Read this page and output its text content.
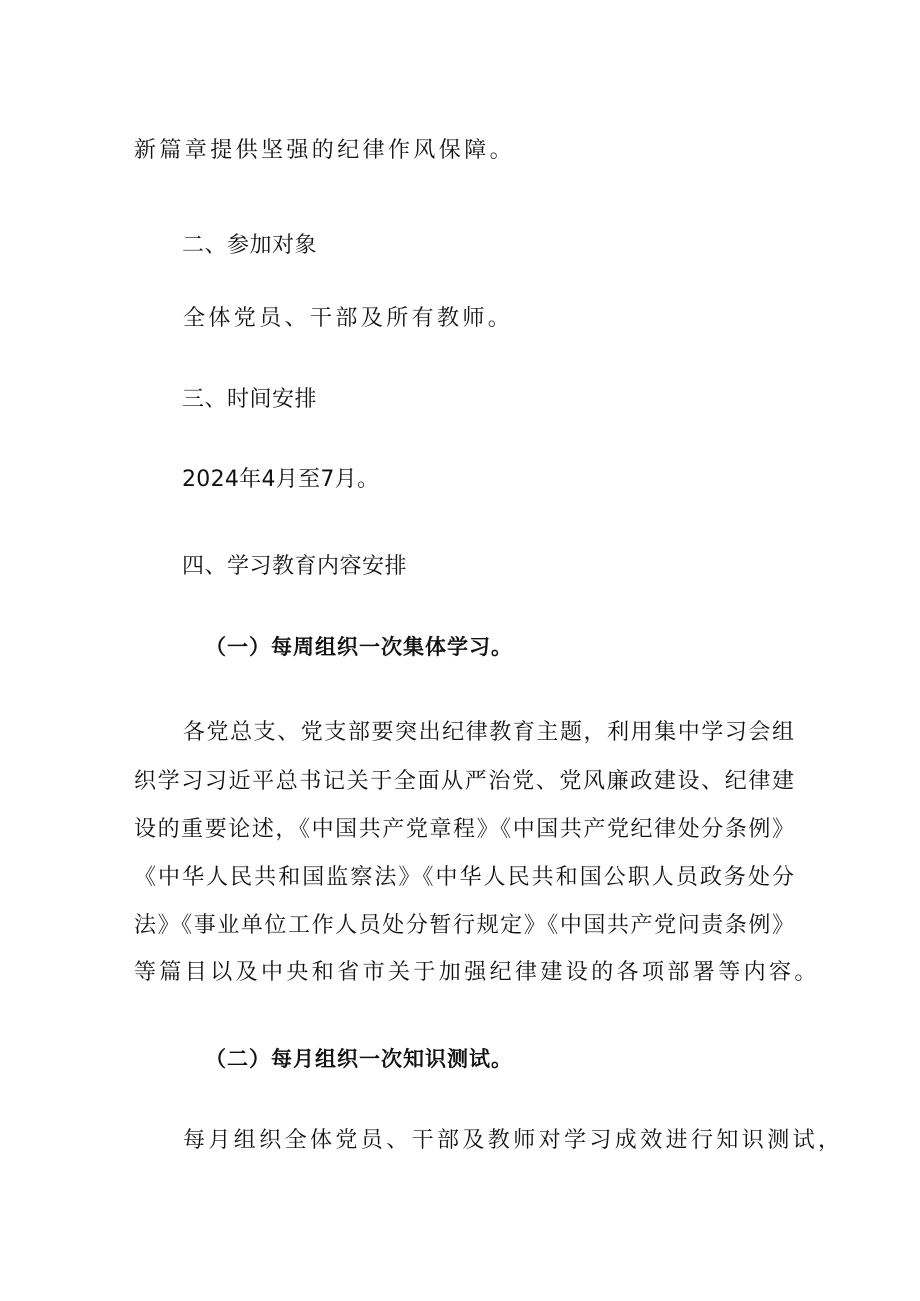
新篇章提供坚强的纪律作风保障。
二、参加对象
全体党员、干部及所有教师。
三、时间安排
2024年4月至7月。
四、学习教育内容安排
（一）每周组织一次集体学习。
各党总支、党支部要突出纪律教育主题，利用集中学习会组
织学习习近平总书记关于全面从严治党、党风廉政建设、纪律建
设的重要论述，《中国共产党章程》《中国共产党纪律处分条例》
《中华人民共和国监察法》《中华人民共和国公职人员政务处分
法》《事业单位工作人员处分暂行规定》《中国共产党问责条例》
等篇目以及中央和省市关于加强纪律建设的各项部署等内容。
（二）每月组织一次知识测试。
每月组织全体党员、干部及教师对学习成效进行知识测试，
